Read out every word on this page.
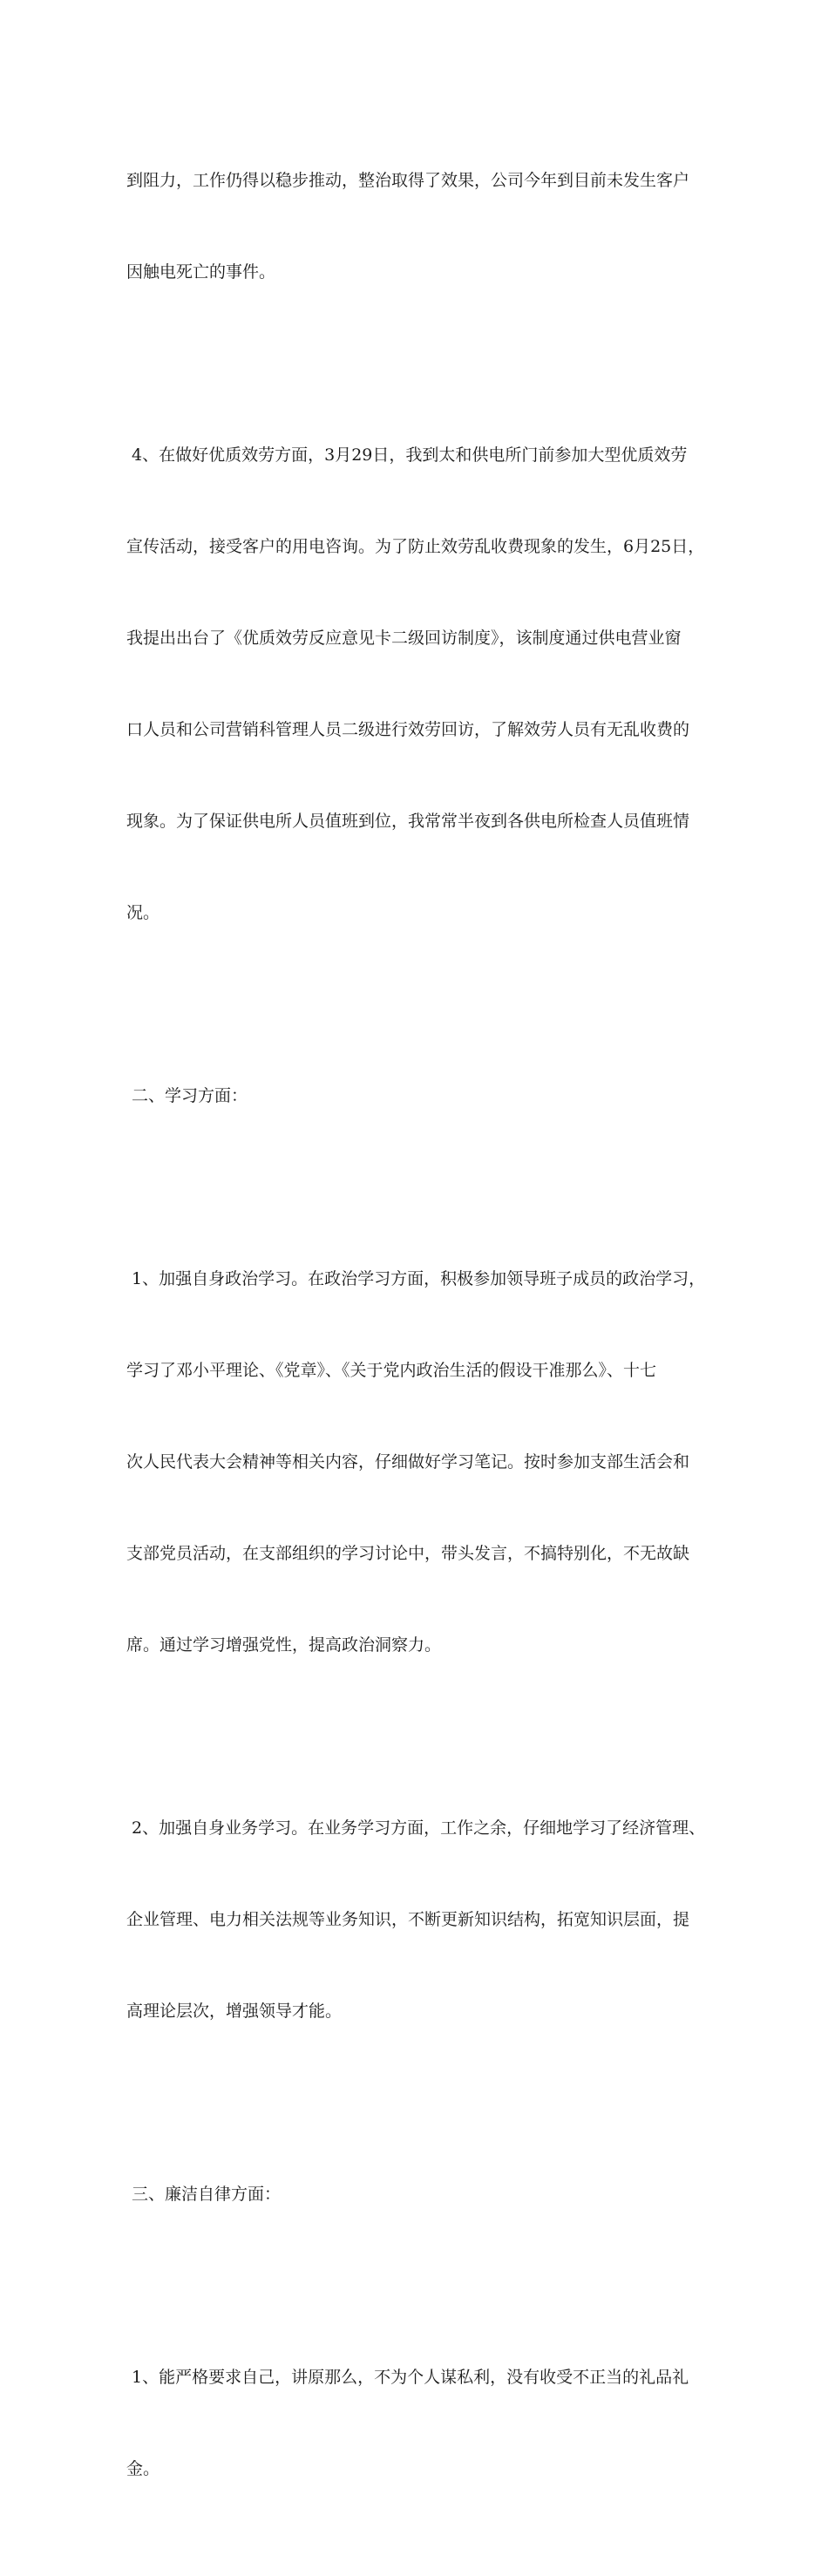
到阻力，工作仍得以稳步推动，整治取得了效果，公司今年到目前未发生客户

因触电死亡的事件。

4、在做好优质效劳方面，3月29日，我到太和供电所门前参加大型优质效劳

宣传活动，接受客户的用电咨询。为了防止效劳乱收费现象的发生，6月25日，

我提出出台了《优质效劳反应意见卡二级回访制度》，该制度通过供电营业窗

口人员和公司营销科管理人员二级进行效劳回访，了解效劳人员有无乱收费的

现象。为了保证供电所人员值班到位，我常常半夜到各供电所检查人员值班情

况。

二、学习方面：

1、加强自身政治学习。在政治学习方面，积极参加领导班子成员的政治学习，

学习了邓小平理论、《党章》、《关于党内政治生活的假设干准那么》、十七

次人民代表大会精神等相关内容，仔细做好学习笔记。按时参加支部生活会和

支部党员活动，在支部组织的学习讨论中，带头发言，不搞特别化，不无故缺

席。通过学习增强党性，提高政治洞察力。

2、加强自身业务学习。在业务学习方面，工作之余，仔细地学习了经济管理、

企业管理、电力相关法规等业务知识，不断更新知识结构，拓宽知识层面，提

高理论层次，增强领导才能。

三、廉洁自律方面：

1、能严格要求自己，讲原那么，不为个人谋私利，没有收受不正当的礼品礼

金。
